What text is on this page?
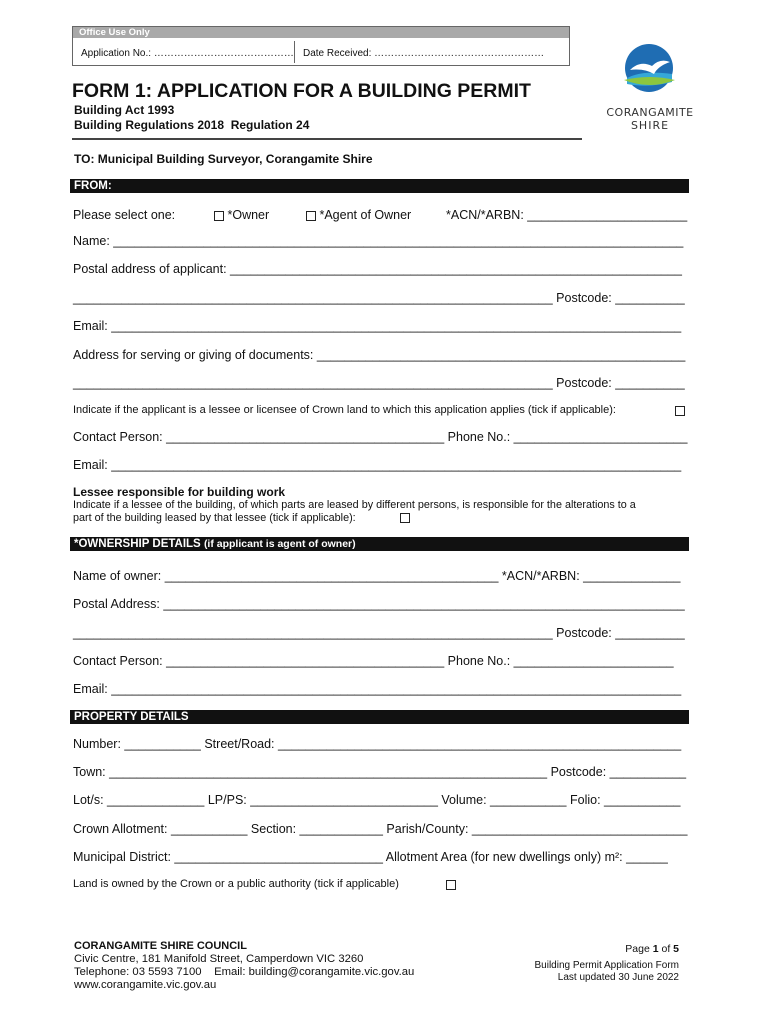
Office Use Only
Application No.: …………………………………… Date Received: ……………………………………………
CORANGAMITE
SHIRE
FORM 1: APPLICATION FOR A BUILDING PERMIT
Building Act 1993
Building Regulations 2018  Regulation 24
TO: Municipal Building Surveyor, Corangamite Shire
FROM:
Please select one:	*Owner	*Agent of Owner	*ACN/*ARBN: _______________________
Name: __________________________________________________________________________________
Postal address of applicant: _________________________________________________________________
_____________________________________________________________________ Postcode: __________
Email: __________________________________________________________________________________
Address for serving or giving of documents: _____________________________________________________
_____________________________________________________________________ Postcode: __________
Indicate if the applicant is a lessee or licensee of Crown land to which this application applies (tick if applicable):
Contact Person: ________________________________________ Phone No.: _________________________
Email: __________________________________________________________________________________
Lessee responsible for building work
Indicate if a lessee of the building, of which parts are leased by different persons, is responsible for the alterations to a
part of the building leased by that lessee (tick if applicable):
*OWNERSHIP DETAILS (if applicant is agent of owner)
Name of owner: ________________________________________________ *ACN/*ARBN: ______________
Postal Address: ___________________________________________________________________________
_____________________________________________________________________ Postcode: __________
Contact Person: ________________________________________ Phone No.: _______________________
Email: __________________________________________________________________________________
PROPERTY DETAILS
Number: ___________ Street/Road: __________________________________________________________
Town: _______________________________________________________________ Postcode: ___________
Lot/s: ______________ LP/PS: ___________________________ Volume: ___________ Folio: ___________
Crown Allotment: ___________ Section: ____________ Parish/County: _______________________________
Municipal District: ______________________________ Allotment Area (for new dwellings only) m²: ______
Land is owned by the Crown or a public authority (tick if applicable)
CORANGAMITE SHIRE COUNCIL
Civic Centre, 181 Manifold Street, Camperdown VIC 3260
Telephone: 03 5593 7100    Email: building@corangamite.vic.gov.au
www.corangamite.vic.gov.au
Page 1 of 5
Building Permit Application Form
Last updated 30 June 2022
